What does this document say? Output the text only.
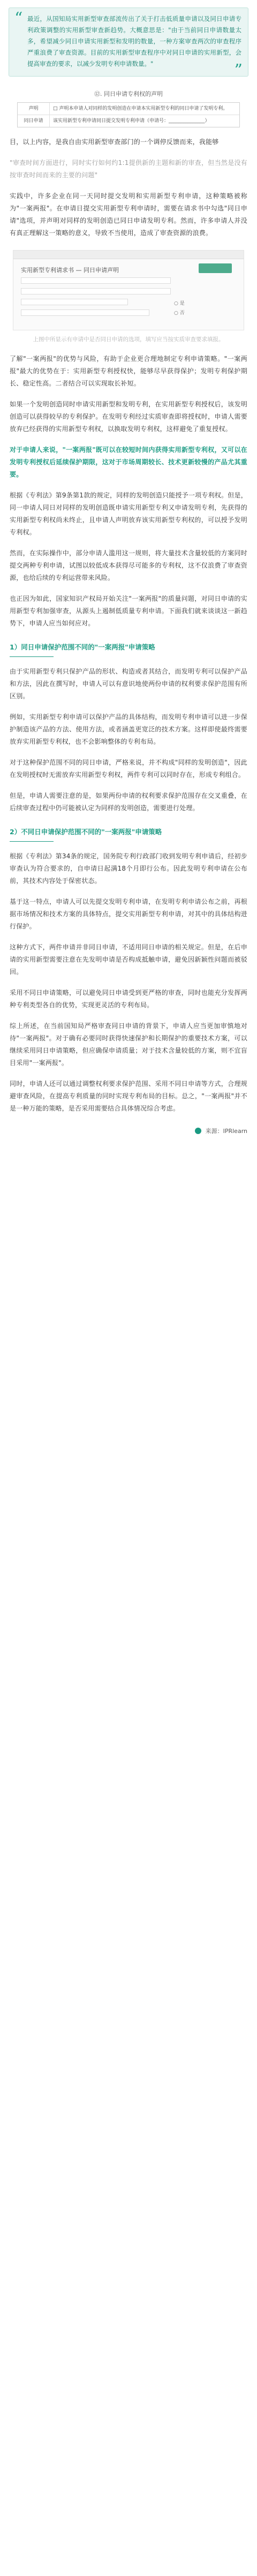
“ 最近，从国知局实用新型审查部流传出了关于打击低质量申请以及同日申请专利政策调整的实用新型审查新趋势。大概意思是："由于当前同日申请数量太多，希望减少同日申请实用新型和发明的数量，一种方案审查两次的审查程序严重浪费了审查资源。目前的实用新型审查程序中对同日申请的实用新型，会提高审查的要求，以减少发明专利申请数量。"	”
⑫. 同日申请专利权的声明
声明	□ 声明本申请人对同样的发明创造在申请本实用新型专利的同日申请了发明专利。
同日申请	该实用新型专利申请同日提交发明专利申请（申请号：_______________）

目，以上内容，是我自由实用新型审查部门的一个调停反馈而来，我能够

"审查时间方面进行，同时实行如何约1:1提供新的主题和新的审查，但当然是没有按审查时间而来的主要的问题"

实践中，许多企业在同一天同时提交发明和实用新型专利申请，这种策略被称为"一案两报"。在申请日提交实用新型专利申请时，需要在请求书中勾选"同日申请"选项，并声明对同样的发明创造已同日申请发明专利。然而，许多申请人并没有真正理解这一策略的意义，导致不当使用，造成了审查资源的浪费。

实用新型专利请求书 — 同日申请声明
○ 是
○ 否
上图中所显示有申请中是否同日申请的选项，填写应当按实质审查要求填报。

了解"一案两报"的优势与风险，有助于企业更合理地制定专利申请策略。"一案两报"最大的优势在于：实用新型专利授权快，能够尽早获得保护；发明专利保护期长、稳定性高。二者结合可以实现取长补短。

如果一个发明创造同时申请实用新型和发明专利，在实用新型专利授权后，该发明创造可以获得较早的专利保护。在发明专利经过实质审查即将授权时，申请人需要放弃已经获得的实用新型专利权，以换取发明专利权，这样避免了重复授权。

对于申请人来说，"一案两报"既可以在较短时间内获得实用新型专利权，又可以在发明专利授权后延续保护期限，这对于市场周期较长、技术更新较慢的产品尤其重要。

根据《专利法》第9条第1款的规定，同样的发明创造只能授予一项专利权。但是，同一申请人同日对同样的发明创造既申请实用新型专利又申请发明专利，先获得的实用新型专利权尚未终止，且申请人声明放弃该实用新型专利权的，可以授予发明专利权。

然而，在实际操作中，部分申请人滥用这一规则，将大量技术含量较低的方案同时提交两种专利申请，试图以较低成本获得尽可能多的专利权，这不仅浪费了审查资源，也给后续的专利运营带来风险。

也正因为如此，国家知识产权局开始关注"一案两报"的质量问题，对同日申请的实用新型专利加强审查，从源头上遏制低质量专利申请。下面我们就来谈谈这一新趋势下，申请人应当如何应对。

1）同日申请保护范围不同的"一案两报"申请策略

由于实用新型专利只保护产品的形状、构造或者其结合，而发明专利可以保护产品和方法，因此在撰写时，申请人可以有意识地使两份申请的权利要求保护范围有所区别。

例如，实用新型专利申请可以保护产品的具体结构，而发明专利申请可以进一步保护制造该产品的方法、使用方法，或者涵盖更宽泛的技术方案。这样即使最终需要放弃实用新型专利权，也不会影响整体的专利布局。

对于这种保护范围不同的同日申请，严格来说，并不构成"同样的发明创造"，因此在发明授权时无需放弃实用新型专利权，两件专利可以同时存在，形成专利组合。

但是，申请人需要注意的是，如果两份申请的权利要求保护范围存在交叉重叠，在后续审查过程中仍可能被认定为同样的发明创造，需要进行处理。

2）不同日申请保护范围不同的"一案两报"申请策略

根据《专利法》第34条的规定，国务院专利行政部门收到发明专利申请后，经初步审查认为符合要求的，自申请日起满18个月即行公布。因此发明专利申请在公布前，其技术内容处于保密状态。

基于这一特点，申请人可以先提交发明专利申请，在发明专利申请公布之前，再根据市场情况和技术方案的具体特点，提交实用新型专利申请，对其中的具体结构进行保护。

这种方式下，两件申请并非同日申请，不适用同日申请的相关规定。但是，在后申请的实用新型需要注意在先发明申请是否构成抵触申请，避免因新颖性问题而被驳回。

采用不同日申请策略，可以避免同日申请受到更严格的审查，同时也能充分发挥两种专利类型各自的优势，实现更灵活的专利布局。

综上所述，在当前国知局严格审查同日申请的背景下，申请人应当更加审慎地对待"一案两报"。对于确有必要同时获得快速保护和长期保护的重要技术方案，可以继续采用同日申请策略，但应确保申请质量；对于技术含量较低的方案，则不宜盲目采用"一案两报"。

同时，申请人还可以通过调整权利要求保护范围、采用不同日申请等方式，合理规避审查风险，在提高专利质量的同时实现专利布局的目标。总之，"一案两报"并不是一种万能的策略，是否采用需要结合具体情况综合考虑。

来源：IPRlearn
